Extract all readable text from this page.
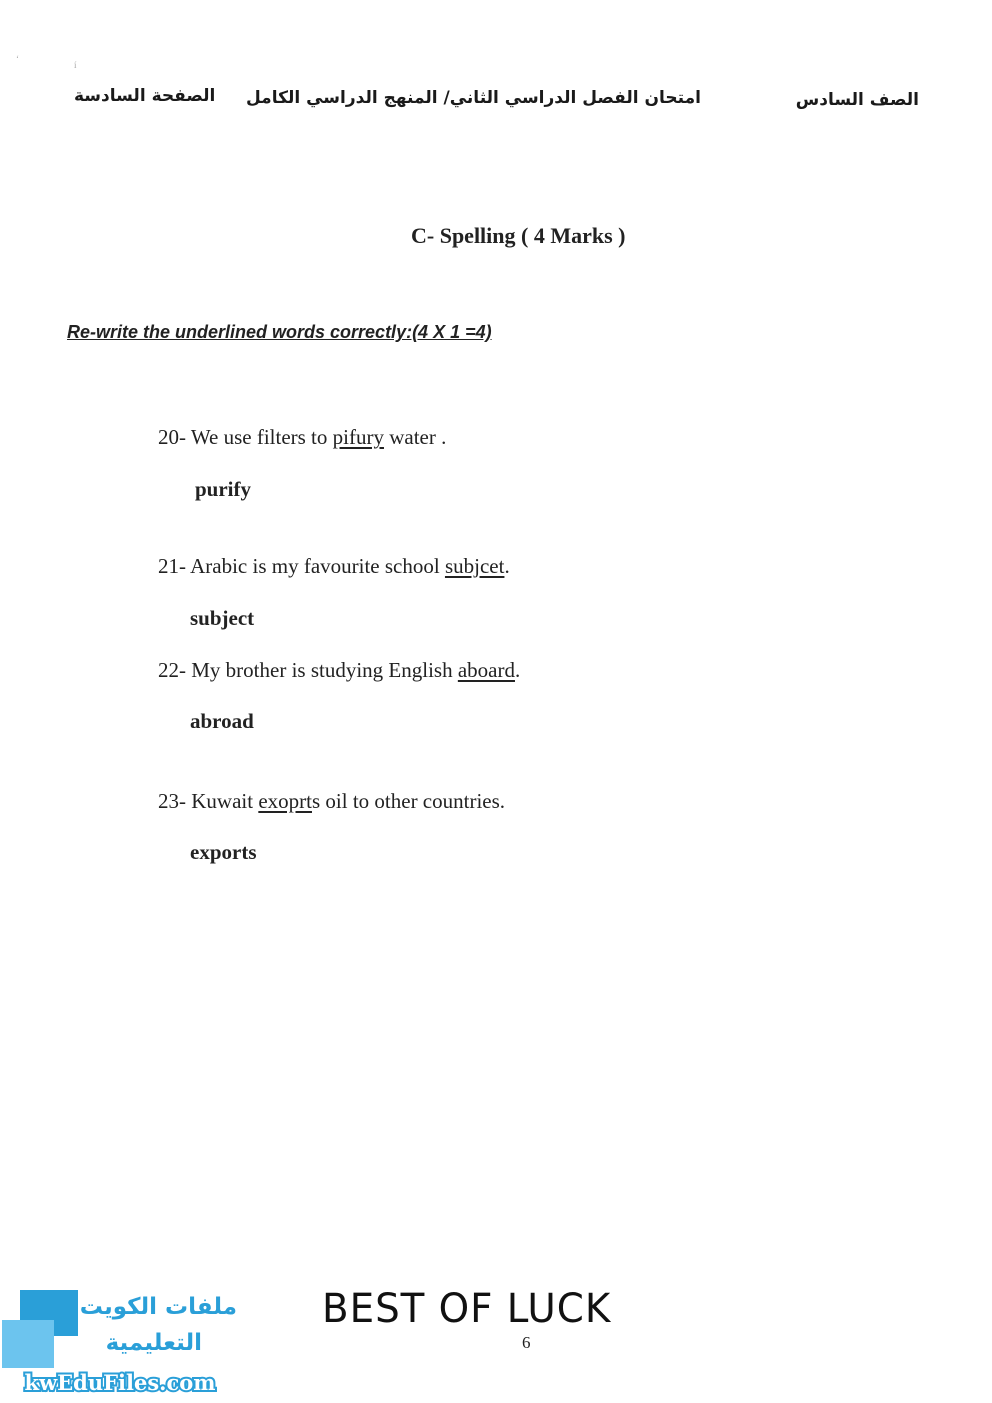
‘
í
الصف السادس
امتحان الفصل الدراسي الثاني/ المنهج الدراسي الكامل
الصفحة السادسة
C- Spelling ( 4 Marks )
Re-write the underlined words correctly:(4 X 1 =4)
20- We use filters to pifury water .
purify
21- Arabic is my favourite school subjcet.
subject
22- My brother is studying English aboard.
abroad
23- Kuwait exoprts oil to other countries.
exports
BEST OF LUCK
6
ملفات الكويت
التعليمية
kwEduFiles.com
